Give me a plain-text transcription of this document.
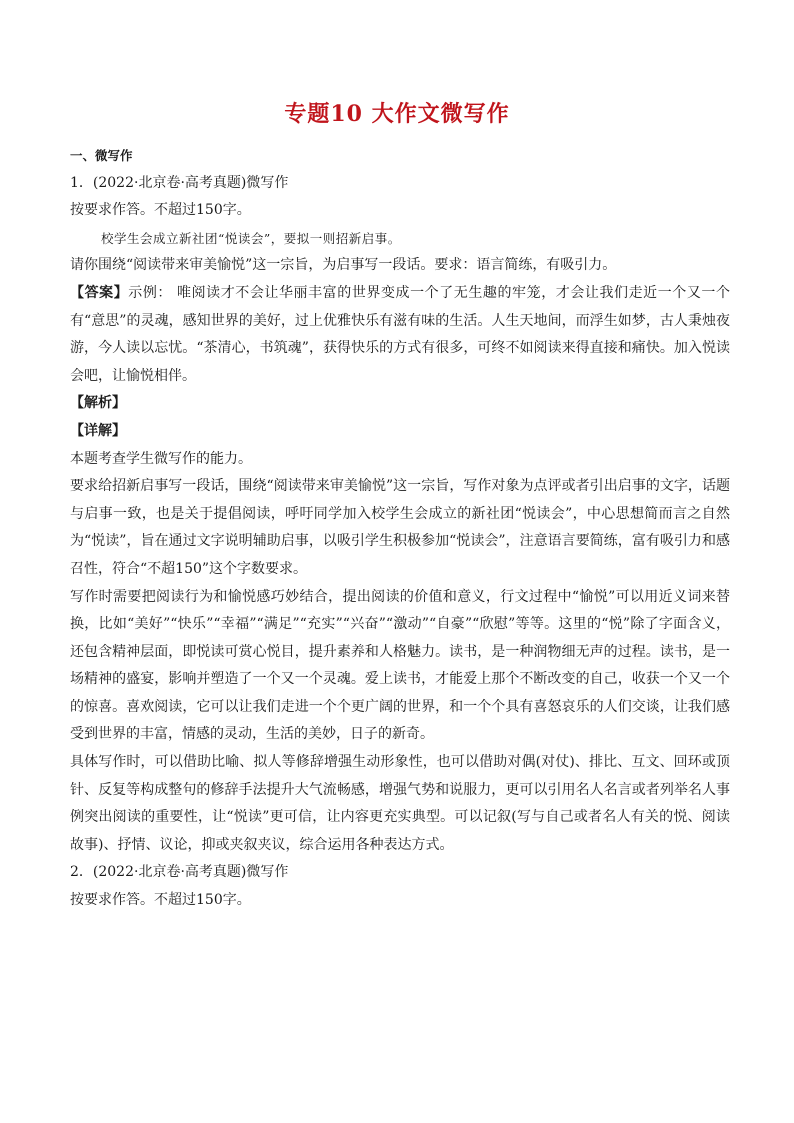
专题10 大作文微写作

一、微写作

1．(2022·北京卷·高考真题)微写作

按要求作答。不超过150字。

校学生会成立新社团“悦读会”，要拟一则招新启事。

请你围绕“阅读带来审美愉悦”这一宗旨，为启事写一段话。要求：语言简练，有吸引力。

【答案】示例： 唯阅读才不会让华丽丰富的世界变成一个了无生趣的牢笼，才会让我们走近一个又一个有“意思”的灵魂，感知世界的美好，过上优雅快乐有滋有味的生活。人生天地间，而浮生如梦，古人秉烛夜游，今人读以忘忧。“茶清心，书筑魂”，获得快乐的方式有很多，可终不如阅读来得直接和痛快。加入悦读会吧，让愉悦相伴。

【解析】

【详解】

本题考查学生微写作的能力。

要求给招新启事写一段话，围绕“阅读带来审美愉悦”这一宗旨，写作对象为点评或者引出启事的文字，话题与启事一致，也是关于提倡阅读，呼吁同学加入校学生会成立的新社团“悦读会”，中心思想简而言之自然为“悦读”，旨在通过文字说明辅助启事，以吸引学生积极参加“悦读会”，注意语言要简练，富有吸引力和感召性，符合“不超150”这个字数要求。

写作时需要把阅读行为和愉悦感巧妙结合，提出阅读的价值和意义，行文过程中“愉悦”可以用近义词来替换，比如“美好”“快乐”“幸福”“满足”“充实”“兴奋”“激动”“自豪”“欣慰”等等。这里的“悦”除了字面含义，还包含精神层面，即悦读可赏心悦目，提升素养和人格魅力。读书，是一种润物细无声的过程。读书，是一场精神的盛宴，影响并塑造了一个又一个灵魂。爱上读书，才能爱上那个不断改变的自己，收获一个又一个的惊喜。喜欢阅读，它可以让我们走进一个个更广阔的世界，和一个个具有喜怒哀乐的人们交谈，让我们感受到世界的丰富，情感的灵动，生活的美妙，日子的新奇。

具体写作时，可以借助比喻、拟人等修辞增强生动形象性，也可以借助对偶(对仗)、排比、互文、回环或顶针、反复等构成整句的修辞手法提升大气流畅感，增强气势和说服力，更可以引用名人名言或者列举名人事例突出阅读的重要性，让“悦读”更可信，让内容更充实典型。可以记叙(写与自己或者名人有关的悦、阅读故事)、抒情、议论，抑或夹叙夹议，综合运用各种表达方式。

2．(2022·北京卷·高考真题)微写作

按要求作答。不超过150字。
